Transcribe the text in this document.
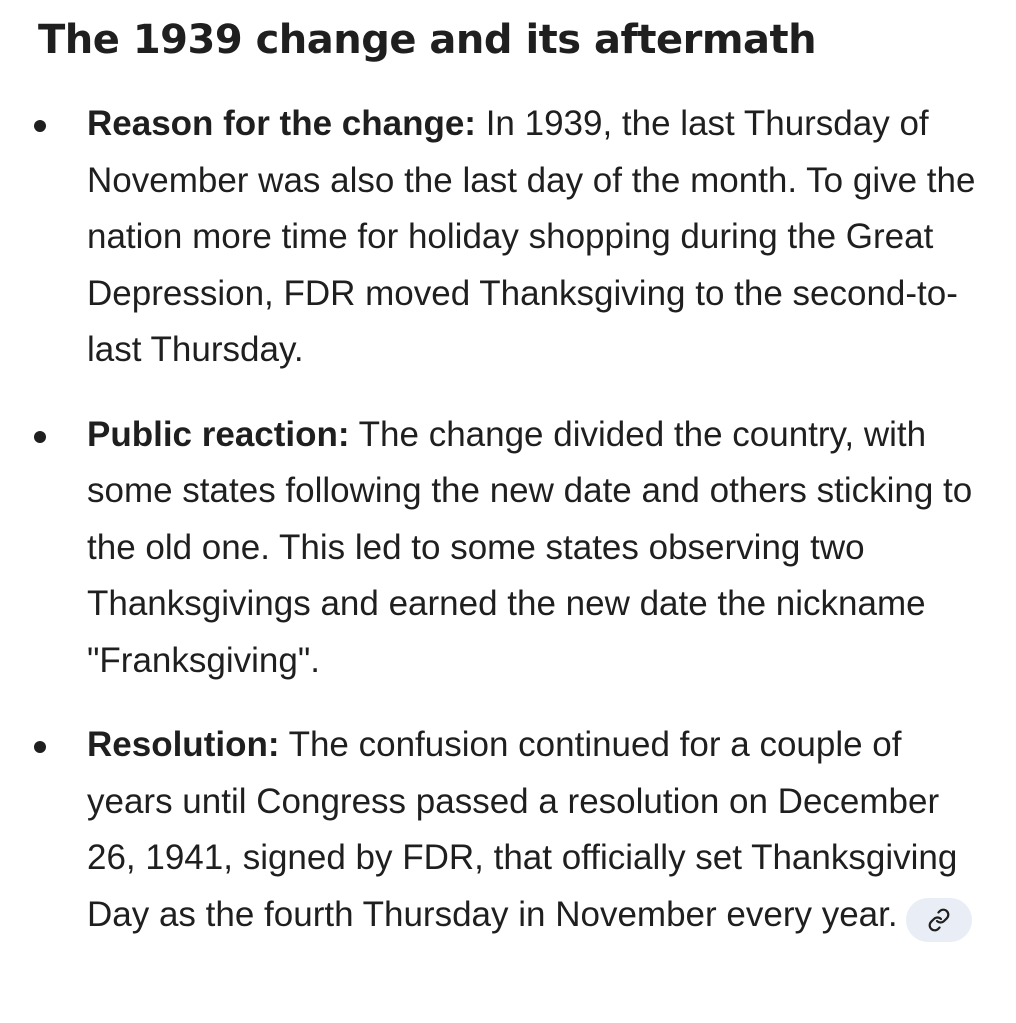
The 1939 change and its aftermath
Reason for the change: In 1939, the last Thursday of November was also the last day of the month. To give the nation more time for holiday shopping during the Great Depression, FDR moved Thanksgiving to the second-to-last Thursday.
Public reaction: The change divided the country, with some states following the new date and others sticking to the old one. This led to some states observing two Thanksgivings and earned the new date the nickname "Franksgiving".
Resolution: The confusion continued for a couple of years until Congress passed a resolution on December 26, 1941, signed by FDR, that officially set Thanksgiving Day as the fourth Thursday in November every year.
